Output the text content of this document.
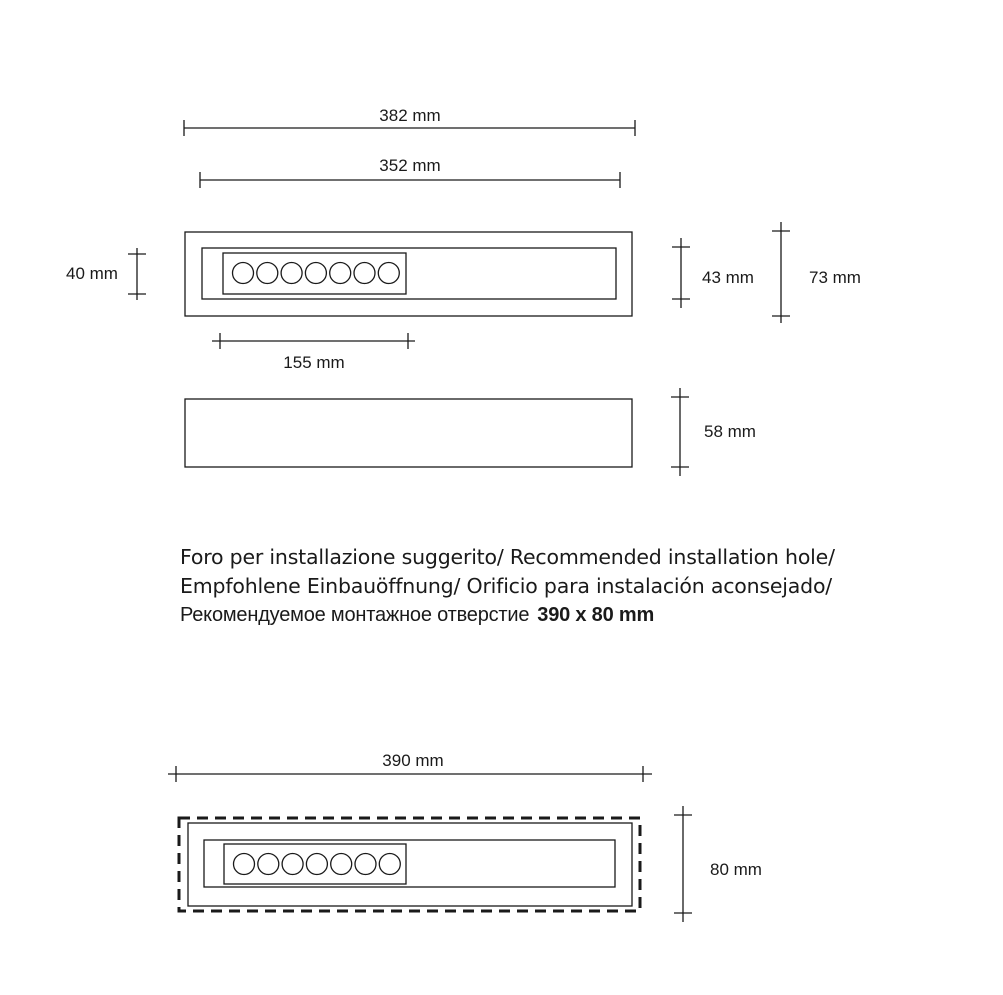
382 mm
352 mm
40 mm	43 mm	73 mm
155 mm
58 mm
390 mm
80 mm
Foro per installazione suggerito/ Recommended installation hole/
Empfohlene Einbauöffnung/ Orificio para instalación aconsejado/
Рекомендуемое монтажное отверстие 390 x 80 mm
